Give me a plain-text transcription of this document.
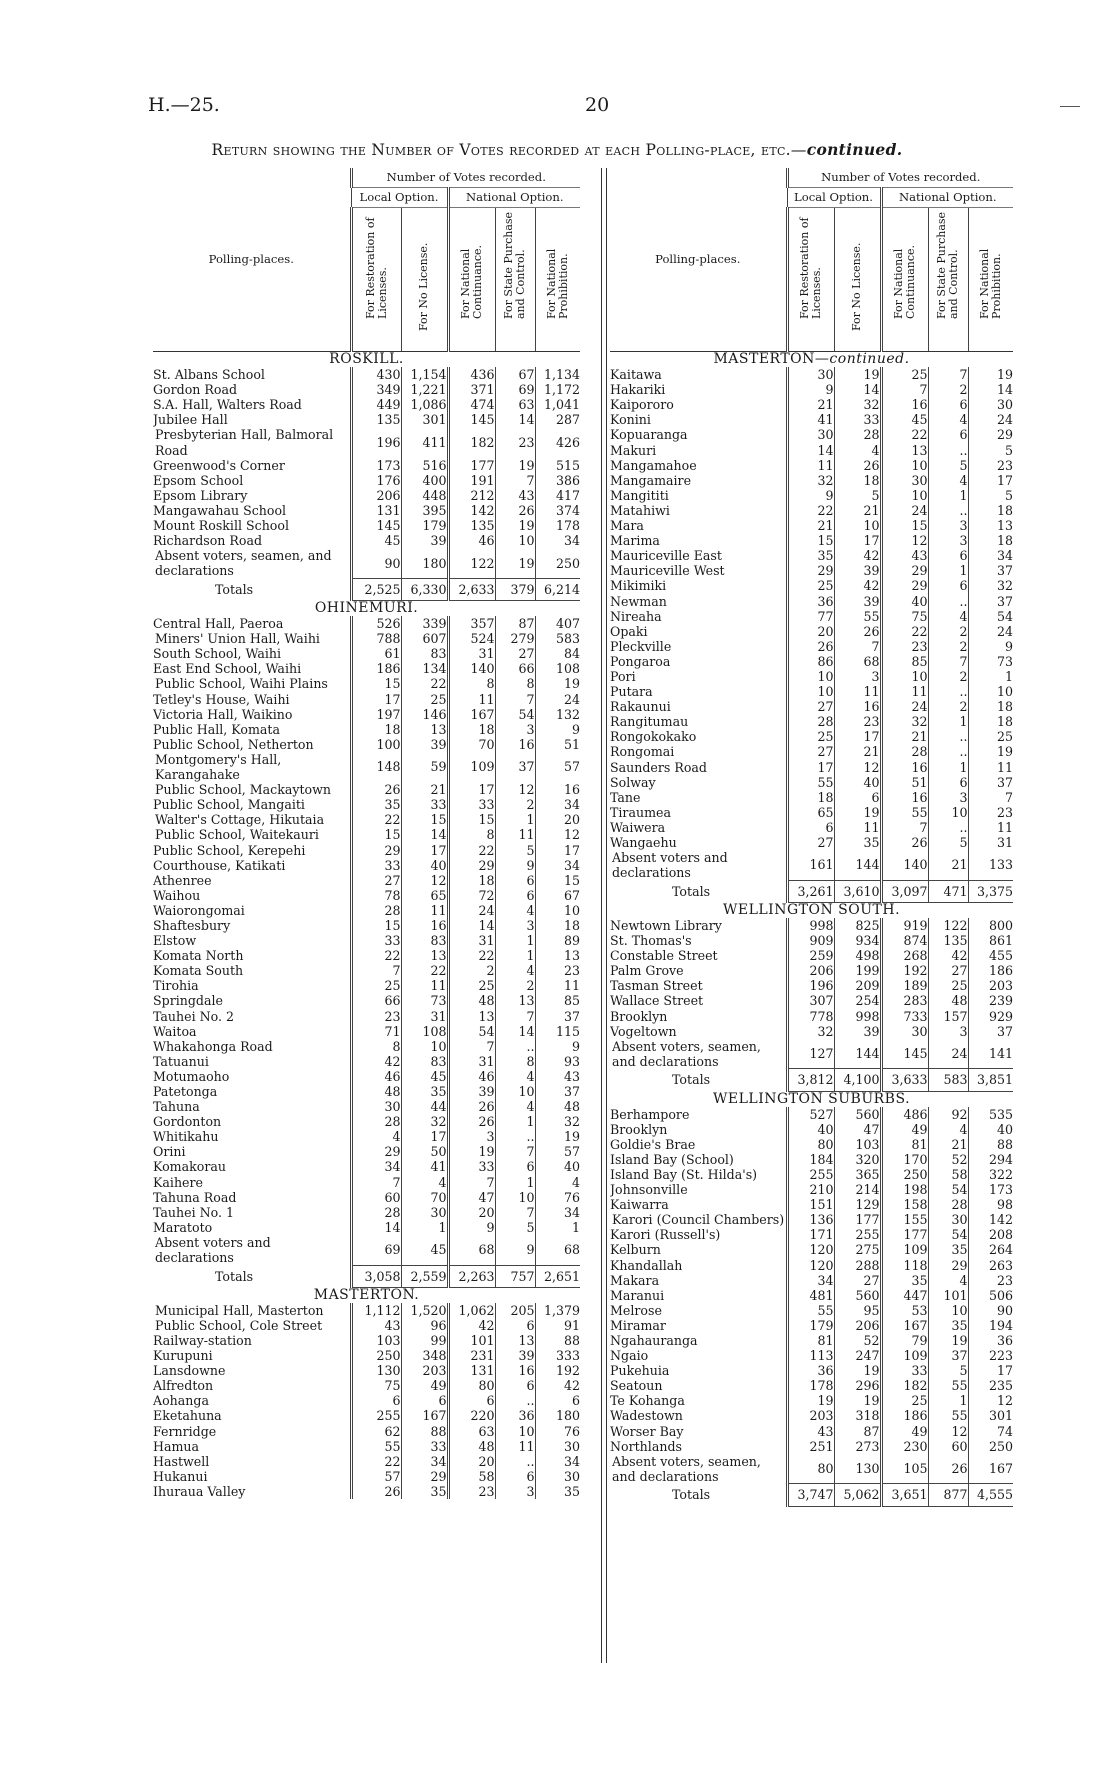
H.—25.	20
Return showing the Number of Votes recorded at each Polling-place, etc.—continued.
Polling-places.	Number of Votes recorded.				
	Local Option.		National Option.		

	For Restoration of Licenses.	For No License.	For National Continuance.	For State Purchase and Control.	For National Prohibition.

ROSKILL.					
St. Albans School	430	1,154	436	67	1,134
Gordon Road	349	1,221	371	69	1,172
S.A. Hall, Walters Road	449	1,086	474	63	1,041
Jubilee Hall	135	301	145	14	287
Presbyterian Hall, Balmoral Road	196	411	182	23	426
Greenwood's Corner	173	516	177	19	515
Epsom School	176	400	191	7	386
Epsom Library	206	448	212	43	417
Mangawahau School	131	395	142	26	374
Mount Roskill School	145	179	135	19	178
Richardson Road	45	39	46	10	34
Absent voters, seamen, and declarations	90	180	122	19	250
Totals	2,525	6,330	2,633	379	6,214
OHINEMURI.					
Central Hall, Paeroa	526	339	357	87	407
Miners' Union Hall, Waihi	788	607	524	279	583
South School, Waihi	61	83	31	27	84
East End School, Waihi	186	134	140	66	108
Public School, Waihi Plains	15	22	8	8	19
Tetley's House, Waihi	17	25	11	7	24
Victoria Hall, Waikino	197	146	167	54	132
Public Hall, Komata	18	13	18	3	9
Public School, Netherton	100	39	70	16	51
Montgomery's Hall, Karangahake	148	59	109	37	57
Public School, Mackaytown	26	21	17	12	16
Public School, Mangaiti	35	33	33	2	34
Walter's Cottage, Hikutaia	22	15	15	1	20
Public School, Waitekauri	15	14	8	11	12
Public School, Kerepehi	29	17	22	5	17
Courthouse, Katikati	33	40	29	9	34
Athenree	27	12	18	6	15
Waihou	78	65	72	6	67
Waiorongomai	28	11	24	4	10
Shaftesbury	15	16	14	3	18
Elstow	33	83	31	1	89
Komata North	22	13	22	1	13
Komata South	7	22	2	4	23
Tirohia	25	11	25	2	11
Springdale	66	73	48	13	85
Tauhei No. 2	23	31	13	7	37
Waitoa	71	108	54	14	115
Whakahonga Road	8	10	7	..	9
Tatuanui	42	83	31	8	93
Motumaoho	46	45	46	4	43
Patetonga	48	35	39	10	37
Tahuna	30	44	26	4	48
Gordonton	28	32	26	1	32
Whitikahu	4	17	3	..	19
Orini	29	50	19	7	57
Komakorau	34	41	33	6	40
Kaihere	7	4	7	1	4
Tahuna Road	60	70	47	10	76
Tauhei No. 1	28	30	20	7	34
Maratoto	14	1	9	5	1
Absent voters and declarations	69	45	68	9	68
Totals	3,058	2,559	2,263	757	2,651
MASTERTON.					
Municipal Hall, Masterton	1,112	1,520	1,062	205	1,379
Public School, Cole Street	43	96	42	6	91
Railway-station	103	99	101	13	88
Kurupuni	250	348	231	39	333
Lansdowne	130	203	131	16	192
Alfredton	75	49	80	6	42
Aohanga	6	6	6	..	6
Eketahuna	255	167	220	36	180
Fernridge	62	88	63	10	76
Hamua	55	33	48	11	30
Hastwell	22	34	20	..	34
Hukanui	57	29	58	6	30
Ihuraua Valley	26	35	23	3	35
Polling-places.	Number of Votes recorded.				
	Local Option.		National Option.		

	For Restoration of Licenses.	For No License.	For National Continuance.	For State Purchase and Control.	For National Prohibition.

MASTERTON—continued.					
Kaitawa	30	19	25	7	19
Hakariki	9	14	7	2	14
Kaipororo	21	32	16	6	30
Konini	41	33	45	4	24
Kopuaranga	30	28	22	6	29
Makuri	14	4	13	..	5
Mangamahoe	11	26	10	5	23
Mangamaire	32	18	30	4	17
Mangititi	9	5	10	1	5
Matahiwi	22	21	24	..	18
Mara	21	10	15	3	13
Marima	15	17	12	3	18
Mauriceville East	35	42	43	6	34
Mauriceville West	29	39	29	1	37
Mikimiki	25	42	29	6	32
Newman	36	39	40	..	37
Nireaha	77	55	75	4	54
Opaki	20	26	22	2	24
Pleckville	26	7	23	2	9
Pongaroa	86	68	85	7	73
Pori	10	3	10	2	1
Putara	10	11	11	..	10
Rakaunui	27	16	24	2	18
Rangitumau	28	23	32	1	18
Rongokokako	25	17	21	..	25
Rongomai	27	21	28	..	19
Saunders Road	17	12	16	1	11
Solway	55	40	51	6	37
Tane	18	6	16	3	7
Tiraumea	65	19	55	10	23
Waiwera	6	11	7	..	11
Wangaehu	27	35	26	5	31
Absent voters and declarations	161	144	140	21	133
Totals	3,261	3,610	3,097	471	3,375
WELLINGTON SOUTH.					
Newtown Library	998	825	919	122	800
St. Thomas's	909	934	874	135	861
Constable Street	259	498	268	42	455
Palm Grove	206	199	192	27	186
Tasman Street	196	209	189	25	203
Wallace Street	307	254	283	48	239
Brooklyn	778	998	733	157	929
Vogeltown	32	39	30	3	37
Absent voters, seamen, and declarations	127	144	145	24	141
Totals	3,812	4,100	3,633	583	3,851
WELLINGTON SUBURBS.					
Berhampore	527	560	486	92	535
Brooklyn	40	47	49	4	40
Goldie's Brae	80	103	81	21	88
Island Bay (School)	184	320	170	52	294
Island Bay (St. Hilda's)	255	365	250	58	322
Johnsonville	210	214	198	54	173
Kaiwarra	151	129	158	28	98
Karori (Council Chambers)	136	177	155	30	142
Karori (Russell's)	171	255	177	54	208
Kelburn	120	275	109	35	264
Khandallah	120	288	118	29	263
Makara	34	27	35	4	23
Maranui	481	560	447	101	506
Melrose	55	95	53	10	90
Miramar	179	206	167	35	194
Ngahauranga	81	52	79	19	36
Ngaio	113	247	109	37	223
Pukehuia	36	19	33	5	17
Seatoun	178	296	182	55	235
Te Kohanga	19	19	25	1	12
Wadestown	203	318	186	55	301
Worser Bay	43	87	49	12	74
Northlands	251	273	230	60	250
Absent voters, seamen, and declarations	80	130	105	26	167
Totals	3,747	5,062	3,651	877	4,555
